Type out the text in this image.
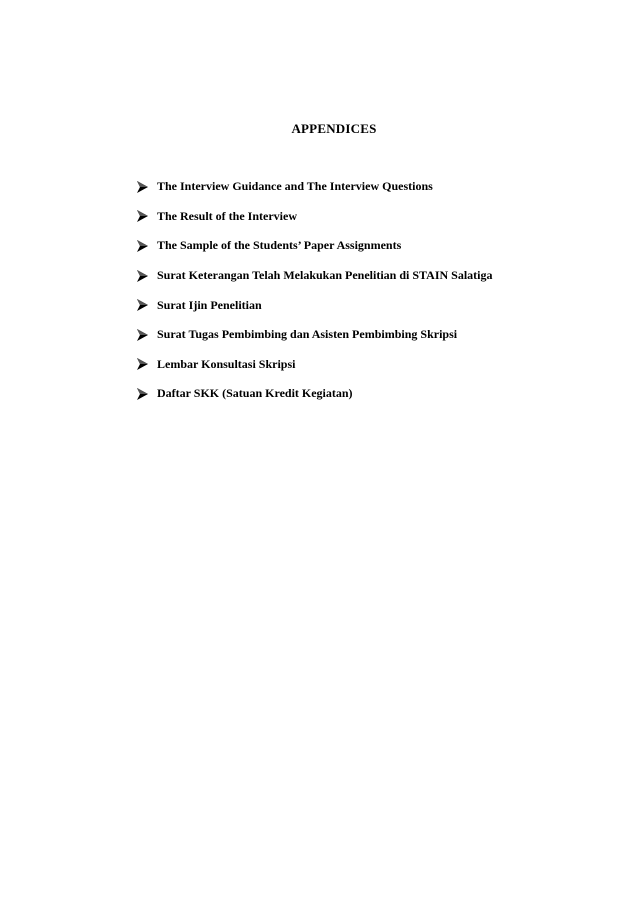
APPENDICES
The Interview Guidance and The Interview Questions
The Result of the Interview
The Sample of the Students’ Paper Assignments
Surat Keterangan Telah Melakukan Penelitian di STAIN Salatiga
Surat Ijin Penelitian
Surat Tugas Pembimbing dan Asisten Pembimbing Skripsi
Lembar Konsultasi Skripsi
Daftar SKK (Satuan Kredit Kegiatan)
